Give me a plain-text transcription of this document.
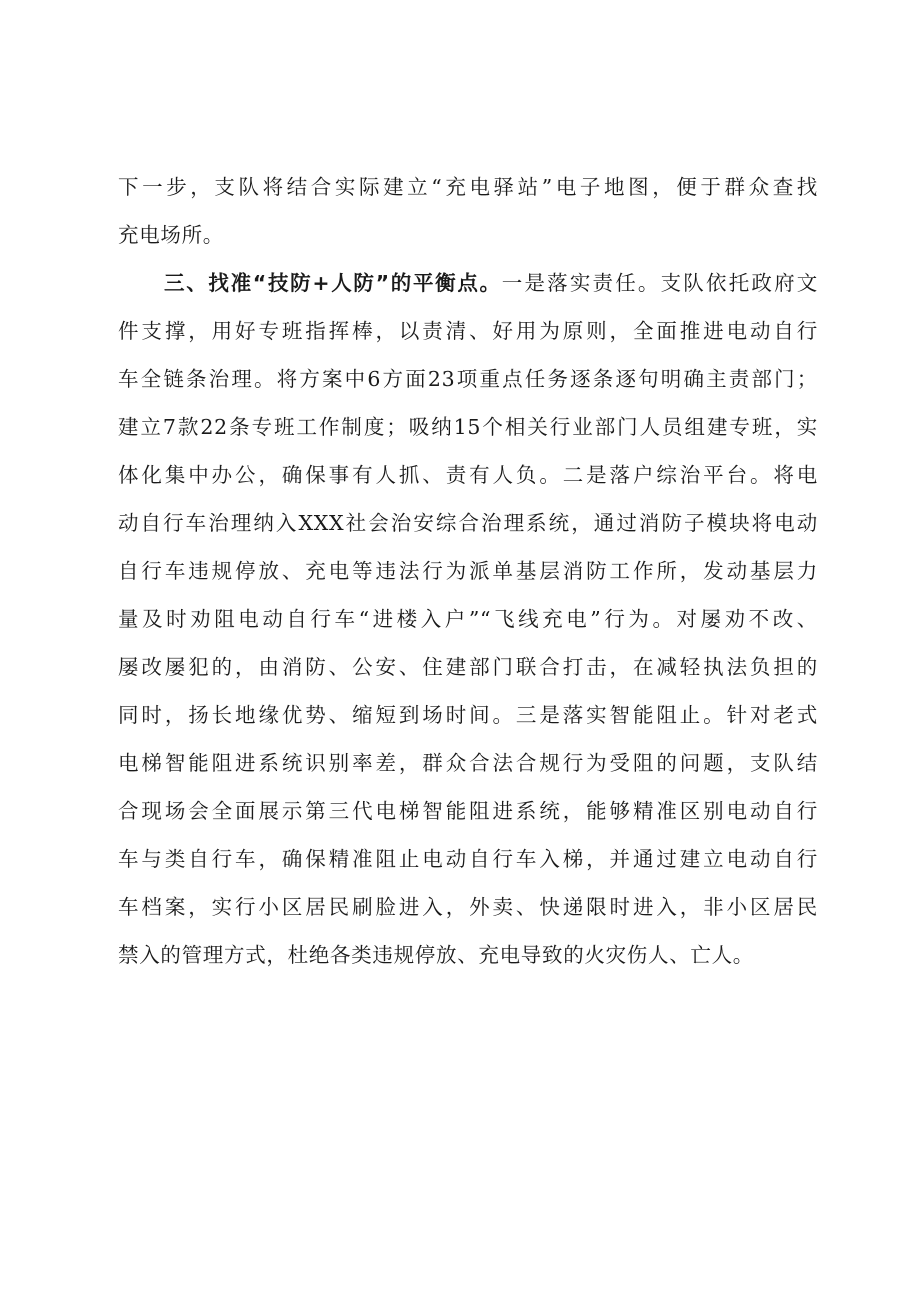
下一步，支队将结合实际建立“充电驿站”电子地图，便于群众查找
充电场所。
三、找准“技防+人防”的平衡点。一是落实责任。支队依托政府文
件支撑，用好专班指挥棒，以责清、好用为原则，全面推进电动自行
车全链条治理。将方案中6方面23项重点任务逐条逐句明确主责部门；
建立7款22条专班工作制度；吸纳15个相关行业部门人员组建专班，实
体化集中办公，确保事有人抓、责有人负。二是落户综治平台。将电
动自行车治理纳入XXX社会治安综合治理系统，通过消防子模块将电动
自行车违规停放、充电等违法行为派单基层消防工作所，发动基层力
量及时劝阻电动自行车“进楼入户”“飞线充电”行为。对屡劝不改、
屡改屡犯的，由消防、公安、住建部门联合打击，在减轻执法负担的
同时，扬长地缘优势、缩短到场时间。三是落实智能阻止。针对老式
电梯智能阻进系统识别率差，群众合法合规行为受阻的问题，支队结
合现场会全面展示第三代电梯智能阻进系统，能够精准区别电动自行
车与类自行车，确保精准阻止电动自行车入梯，并通过建立电动自行
车档案，实行小区居民刷脸进入，外卖、快递限时进入，非小区居民
禁入的管理方式，杜绝各类违规停放、充电导致的火灾伤人、亡人。
